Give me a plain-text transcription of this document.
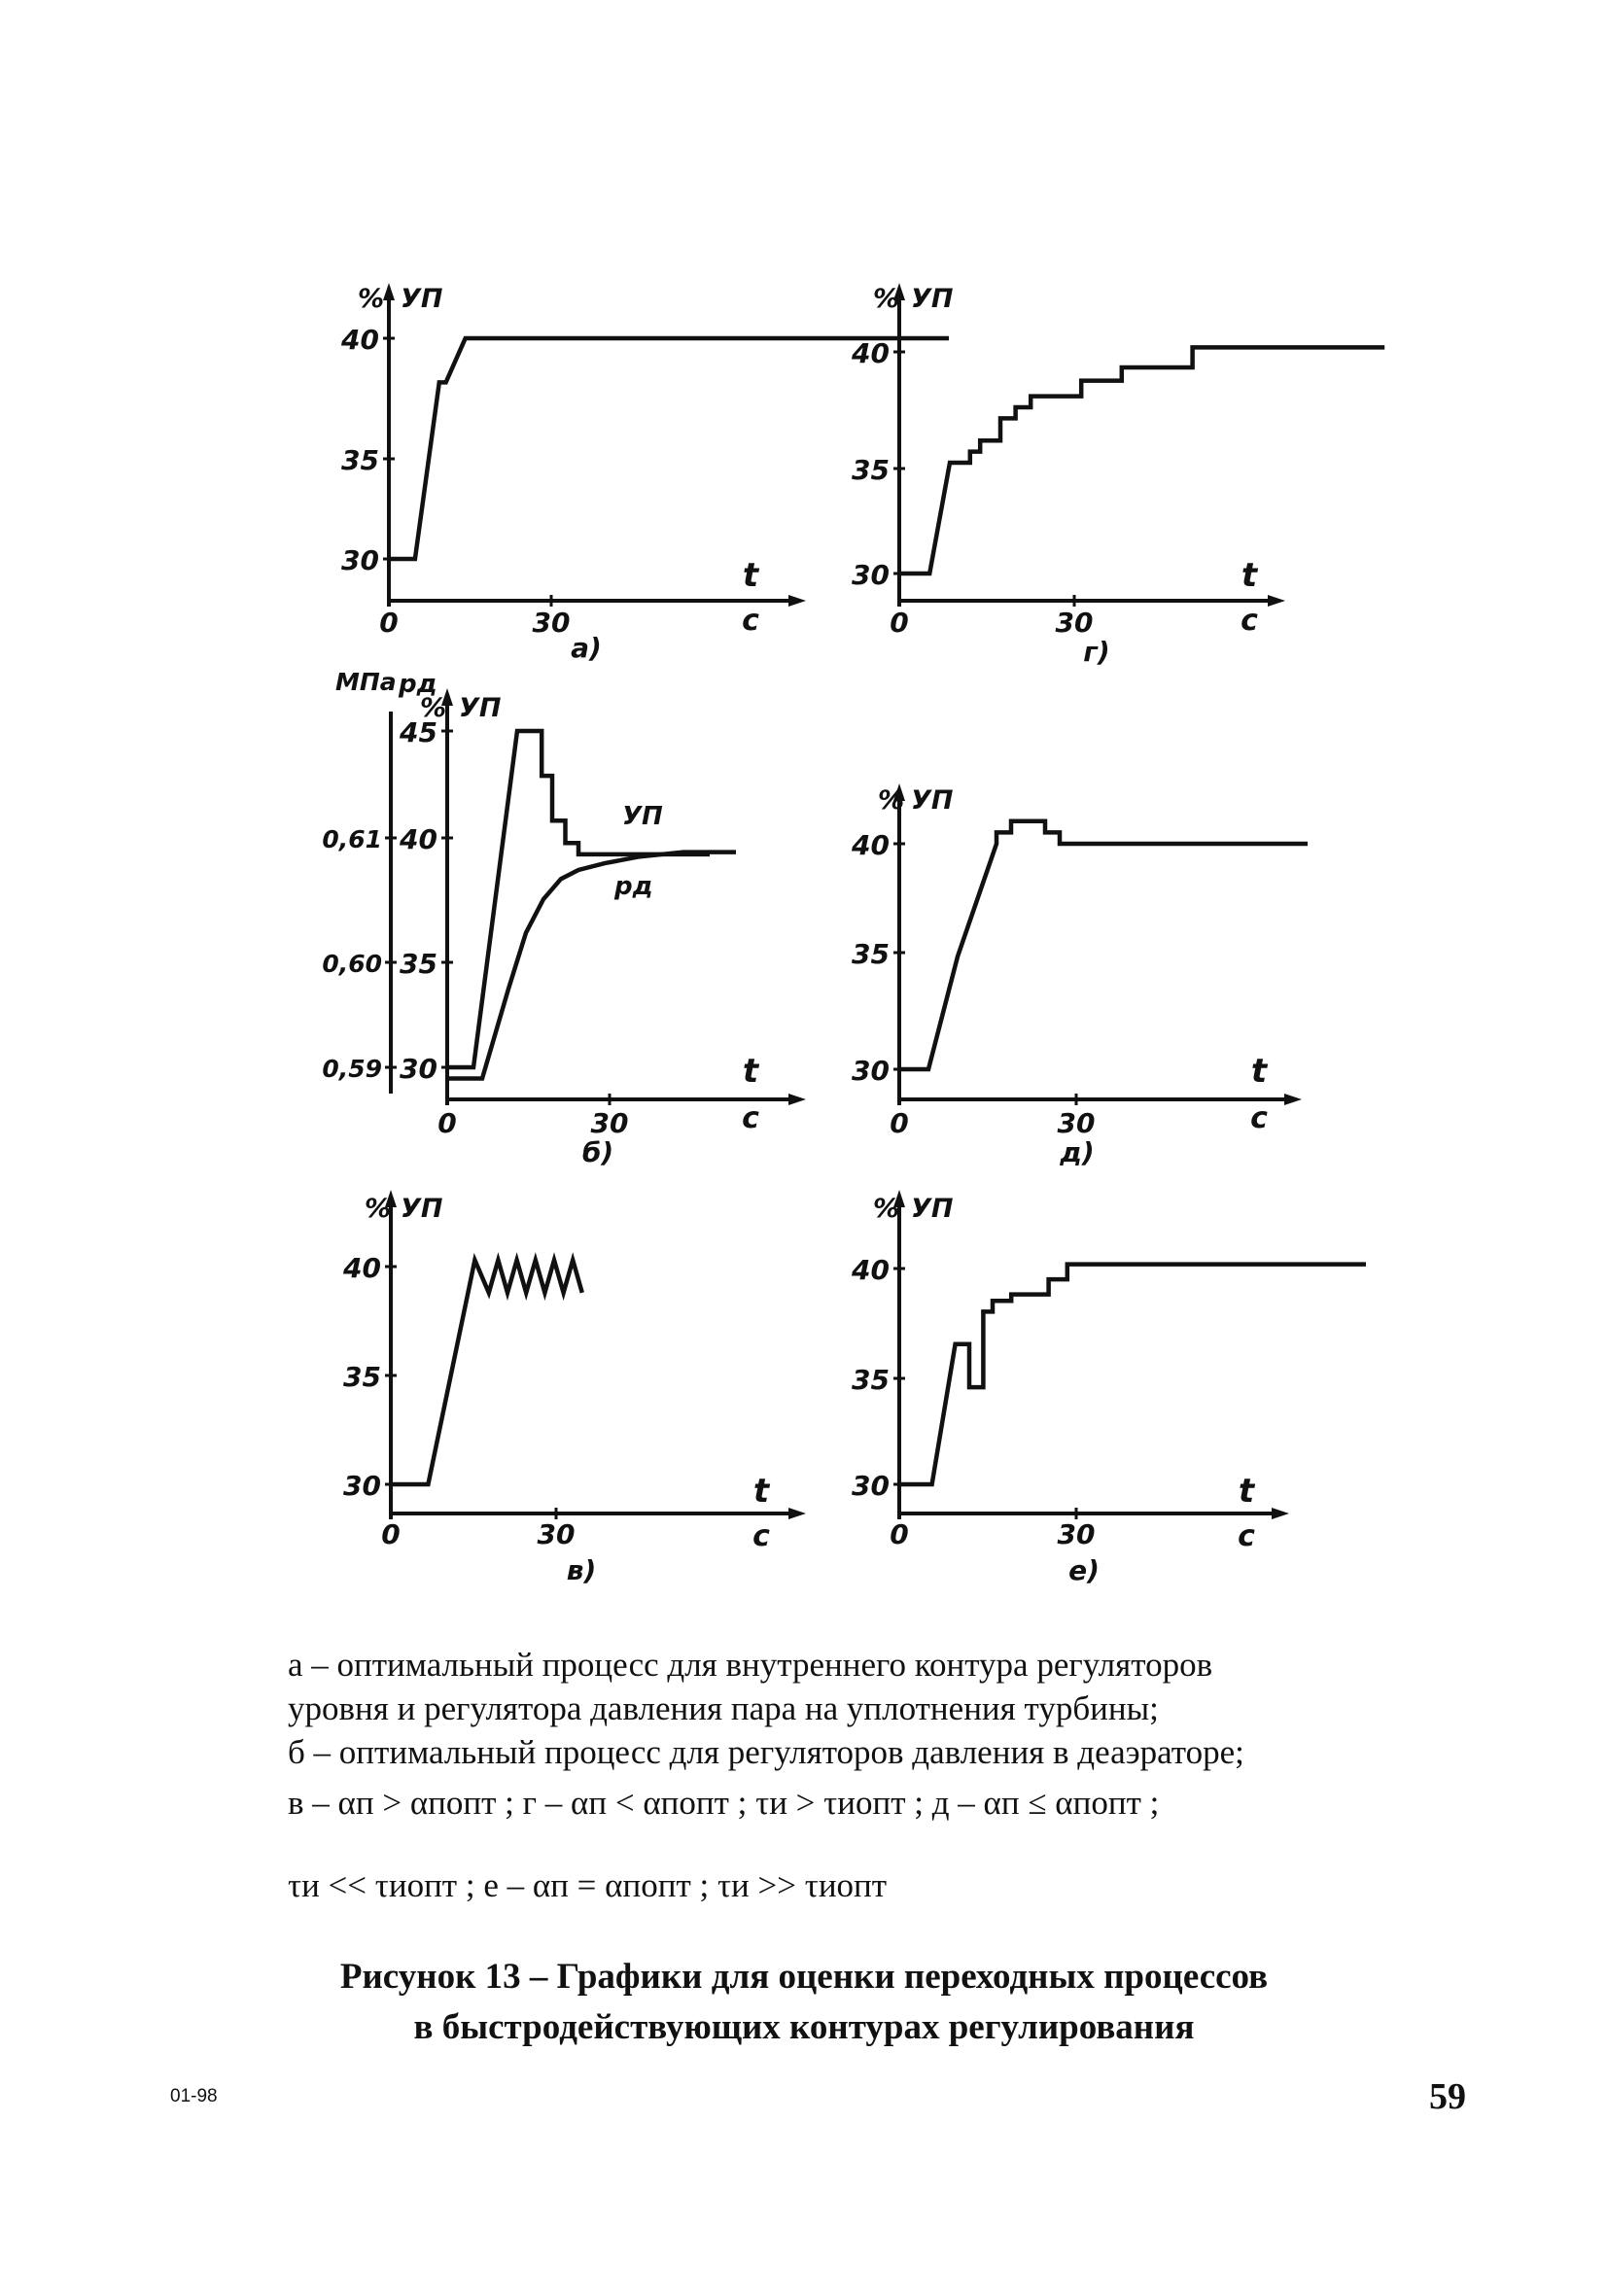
30
35
40
0	30
t
c
% УП
а)
30
35
40
45
0,59
0,60
0,61
МПа pд
0	30
t
c
% УП
б)
УП
pд
30
35
40
0	30
t
c
% УП
в)
30
35
40
0	30
t
c
% УП
г)
30
35
40
0	30
t
c
% УП
д)
30
35
40
0	30
t
c
% УП
е)
а – оптимальный процесс для внутреннего контура регуляторов
уровня и регулятора давления пара на уплотнения турбины;
б – оптимальный процесс для регуляторов давления в деаэраторе;
в – αп > αпопт ; г – αп < αпопт ; τи > τиопт ; д – αп ≤ αпопт ;
τи << τиопт ; е – αп = αпопт ; τи >> τиопт
Рисунок 13 – Графики для оценки переходных процессов
в быстродействующих контурах регулирования
01-98	59
